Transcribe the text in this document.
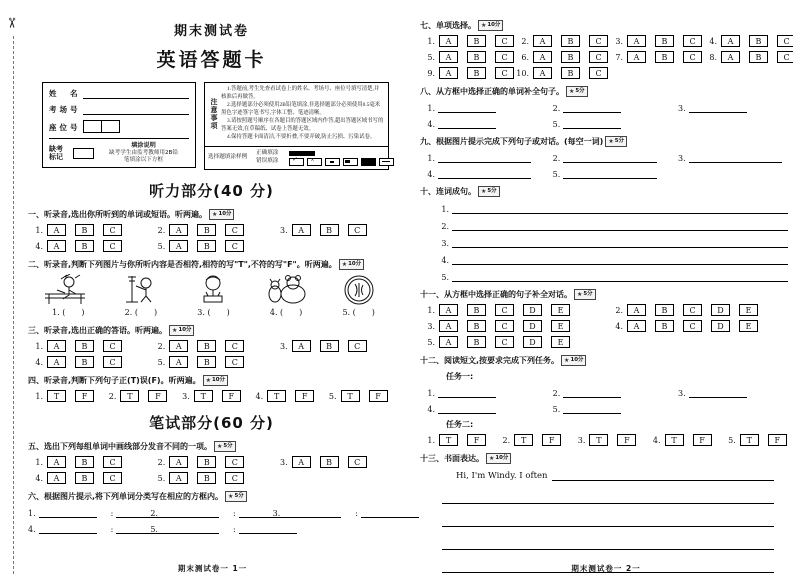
✂
期末测试卷
英语答题卡
姓　名
考场号
座位号
缺考
标记
填涂说明
缺考学生由监考教师用2B铅
笔填涂以下方框
注意事项

1.答题前,考生先查看试卷上的姓名、考场号、座位号填写清楚,并核准后再做答。

2.选择题部分必须使用2B铅笔填涂,非选择题部分必须使用0.5毫米黑色字迹签字笔书写,字体工整、笔迹清晰。

3.请按照题号顺序在各题目的答题区域内作答,超出答题区域书写的答案无效,在草稿纸、试卷上答题无效。

4.保持答题卡面清洁,不要折叠,不要弄破,防止污损、污染试卷。

选择题填涂样例
正确填涂
错误填涂
✓
×
听力部分(40 分)
一、听录音,选出你所听到的单词或短语。听两遍。 ★ 10分
1.	A	B	C	2.	A	B	C	3.	A	B	C
4.	A	B	C	5.	A	B	C
二、听录音,判断下列图片与你所听内容是否相符,相符的写"T",不符的写"F"。听两遍。 ★ 10分
1. (　　)	2. (　　)	3. (　　)	4. (　　)	5. (　　)
三、听录音,选出正确的答语。听两遍。 ★ 10分
1.	A	B	C	2.	A	B	C	3.	A	B	C
4.	A	B	C	5.	A	B	C
四、听录音,判断下列句子正(T)误(F)。听两遍。 ★ 10分
1.	T	F	2.	T	F	3.	T	F	4.	T	F	5.	T	F
笔试部分(60 分)
五、选出下列每组单词中画线部分发音不同的一项。 ★ 5分
1.	A	B	C	2.	A	B	C	3.	A	B	C
4.	A	B	C	5.	A	B	C
六、根据图片提示,将下列单词分类写在相应的方框内。 ★ 5分
1.	:	2.	:	3.	:
4.	:	5.	:
期末测试卷一 1一
七、单项选择。 ★ 10分
1.	A	B	C	2.	A	B	C	3.	A	B	C	4.	A	B	C
5.	A	B	C	6.	A	B	C	7.	A	B	C	8.	A	B	C
9.	A	B	C	10.	A	B	C
八、从方框中选择正确的单词补全句子。 ★ 5分
1.	2.	3.
4.	5.
九、根据图片提示完成下列句子或对话。(每空一词) ★ 5分
1.	2.	3.
4.	5.
十、连词成句。 ★ 5分
1.
2.
3.
4.
5.
十一、从方框中选择正确的句子补全对话。 ★ 5分
1.	A	B	C	D	E	2.	A	B	C	D	E
3.	A	B	C	D	E	4.	A	B	C	D	E
5.	A	B	C	D	E
十二、阅读短文,按要求完成下列任务。 ★ 10分
任务一:
1.	2.	3.
4.	5.
任务二:
1.	T	F	2.	T	F	3.	T	F	4.	T	F	5.	T	F
十三、书面表达。 ★ 10分
Hi, I'm Windy. I often
期末测试卷一 2一
